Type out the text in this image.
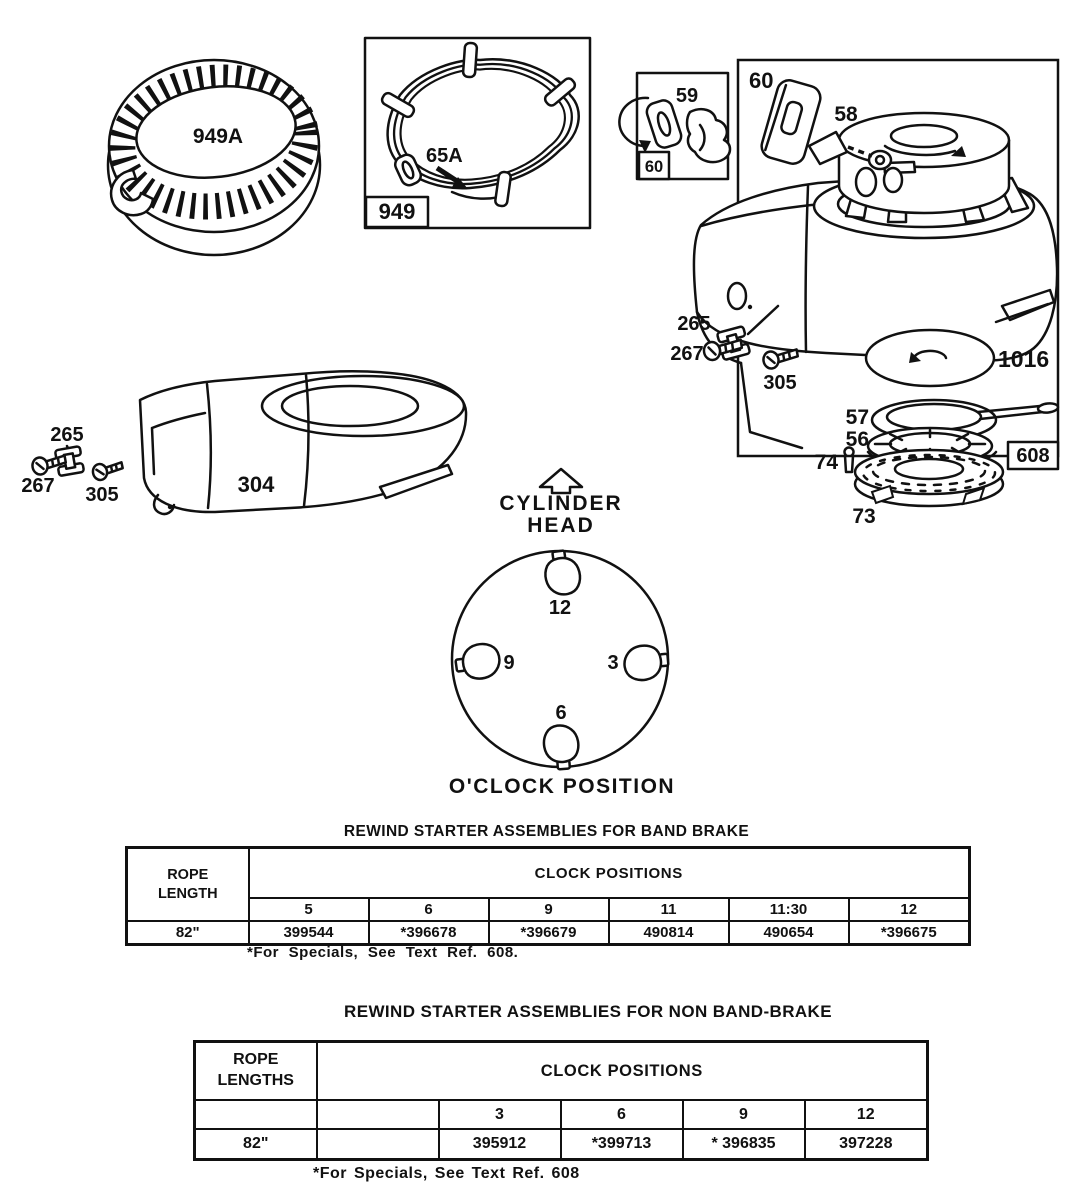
949A
65A
949
59
60
608
60
58
265
267
305
1016
57
56
74
73
304
265
267 305	CYLINDER
HEAD
12
9	3
6
O'CLOCK POSITION
REWIND STARTER ASSEMBLIES FOR BAND BRAKE
ROPE
LENGTH	CLOCK POSITIONS					
	5	6	9	11	11:30	12
82"	399544	*396678	*396679	490814	490654	*396675
*For Specials, See Text Ref. 608.
REWIND STARTER ASSEMBLIES FOR NON BAND-BRAKE
ROPE
LENGTHS	CLOCK POSITIONS				
		3	6	9	12
82"		395912	*399713	* 396835	397228
*For Specials, See Text Ref. 608
